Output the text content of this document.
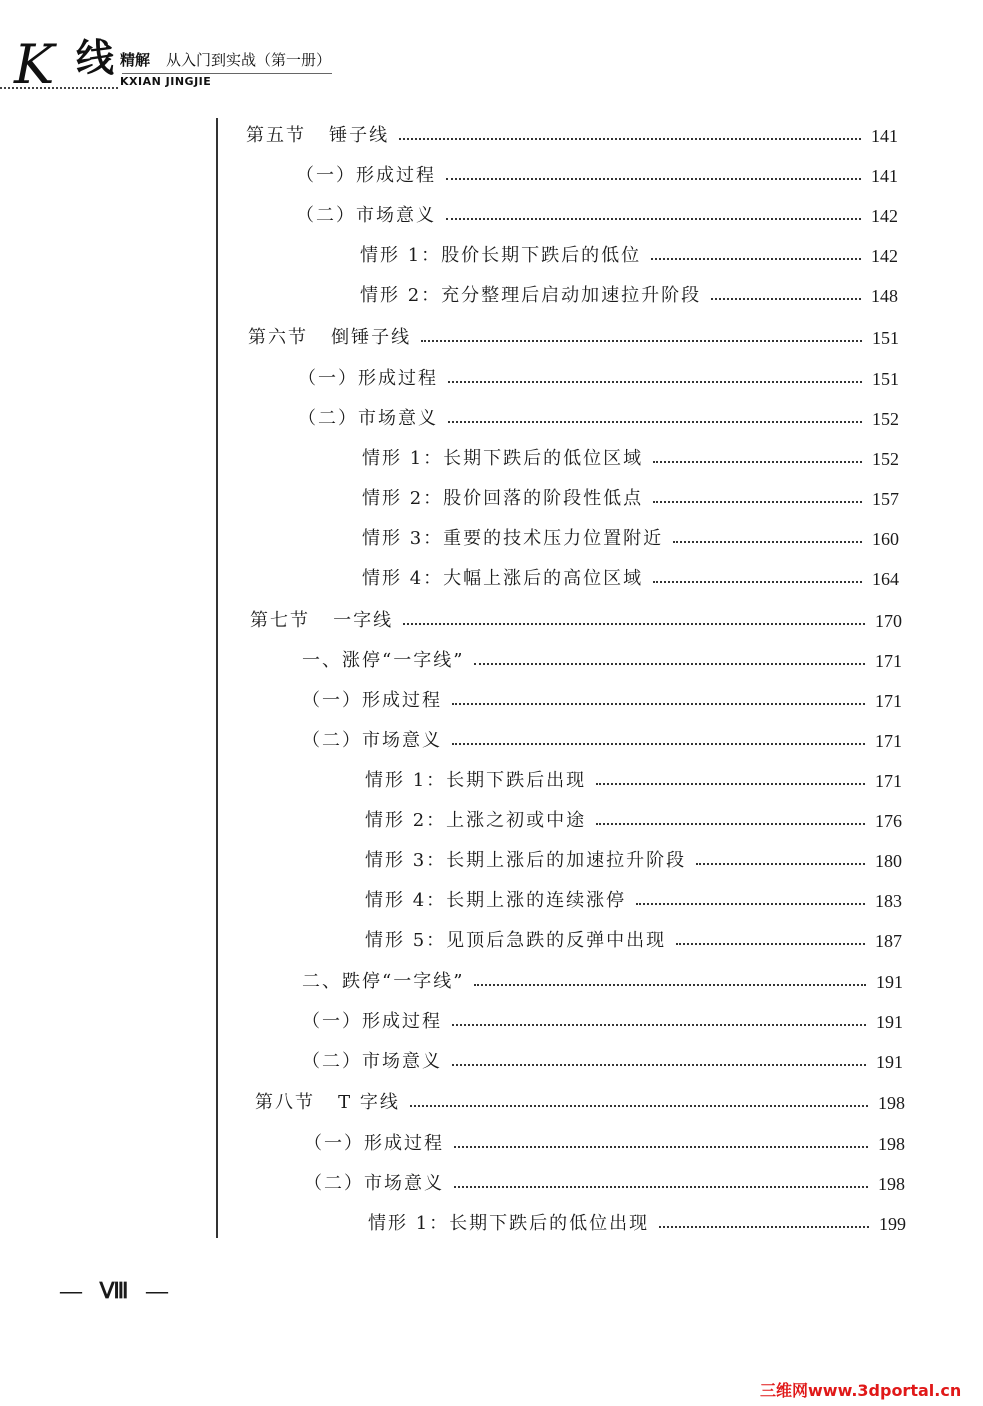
K 线 精解 从入门到实战（第一册）
KXIAN JINGJIE
第五节   锤子线	141
（一）形成过程	141
（二）市场意义	142
情形 1：股价长期下跌后的低位	142
情形 2：充分整理后启动加速拉升阶段	148
第六节   倒锤子线	151
（一）形成过程	151
（二）市场意义	152
情形 1：长期下跌后的低位区域	152
情形 2：股价回落的阶段性低点	157
情形 3：重要的技术压力位置附近	160
情形 4：大幅上涨后的高位区域	164
第七节   一字线	170
一、涨停“一字线”	171
（一）形成过程	171
（二）市场意义	171
情形 1：长期下跌后出现	171
情形 2：上涨之初或中途	176
情形 3：长期上涨后的加速拉升阶段	180
情形 4：长期上涨的连续涨停	183
情形 5：见顶后急跌的反弹中出现	187
二、跌停“一字线”	191
（一）形成过程	191
（二）市场意义	191
第八节   T 字线	198
（一）形成过程	198
（二）市场意义	198
情形 1：长期下跌后的低位出现	199
— Ⅷ —
三维网www.3dportal.cn
